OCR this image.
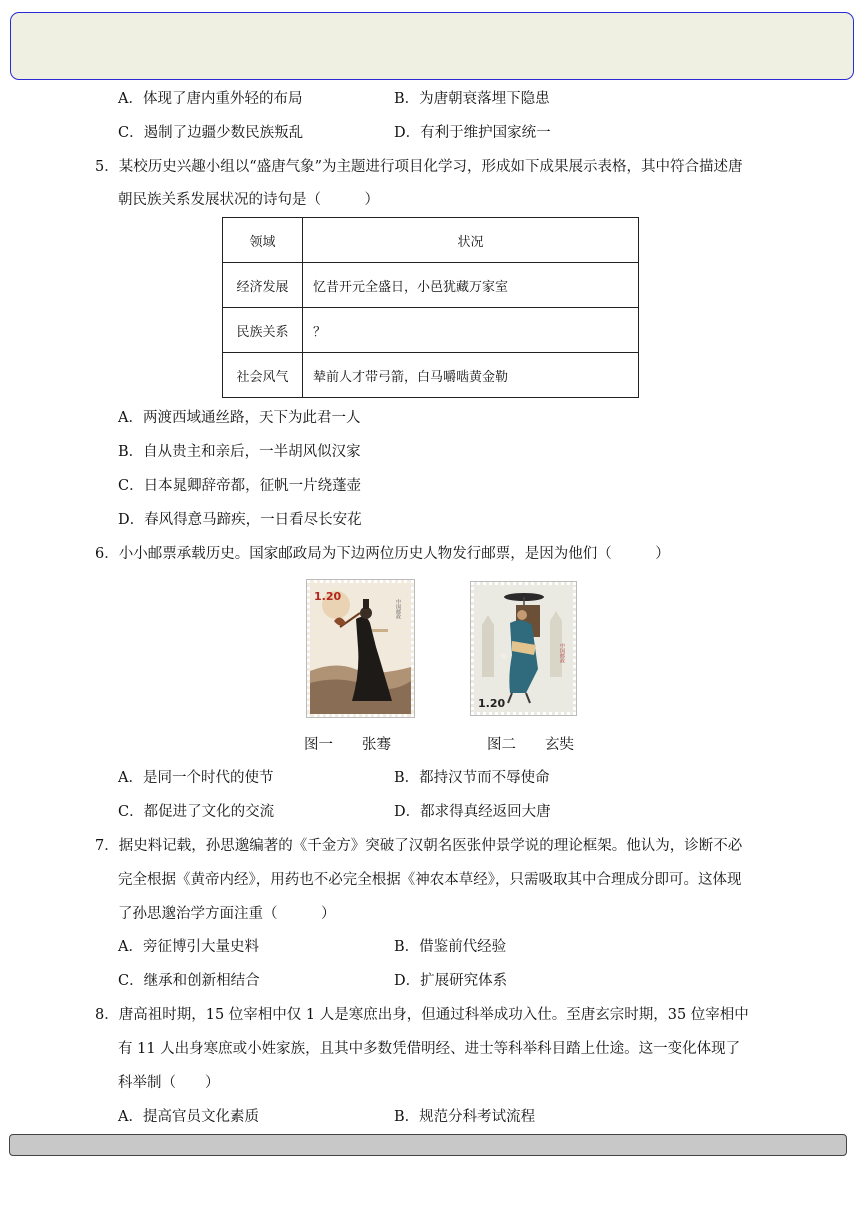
A．体现了唐内重外轻的布局	B．为唐朝衰落埋下隐患
C．遏制了边疆少数民族叛乱	D．有利于维护国家统一
5．某校历史兴趣小组以“盛唐气象”为主题进行项目化学习，形成如下成果展示表格，其中符合描述唐
朝民族关系发展状况的诗句是（　　　）
领域	状况
经济发展	忆昔开元全盛日，小邑犹藏万家室
民族关系	？
社会风气	辇前人才带弓箭，白马嚼啮黄金勒
A．两渡西域通丝路，天下为此君一人
B．自从贵主和亲后，一半胡风似汉家
C．日本晁卿辞帝都，征帆一片绕蓬壶
D．春风得意马蹄疾，一日看尽长安花
6．小小邮票承载历史。国家邮政局为下边两位历史人物发行邮票，是因为他们（　　　）
1.20
中国邮政
1.20
中国邮政
图一　　张骞	图二　　玄奘
A．是同一个时代的使节	B．都持汉节而不辱使命
C．都促进了文化的交流	D．都求得真经返回大唐
7．据史料记载，孙思邈编著的《千金方》突破了汉朝名医张仲景学说的理论框架。他认为，诊断不必
完全根据《黄帝内经》，用药也不必完全根据《神农本草经》，只需吸取其中合理成分即可。这体现
了孙思邈治学方面注重（　　　）
A．旁征博引大量史料	B．借鉴前代经验
C．继承和创新相结合	D．扩展研究体系
8．唐高祖时期，15 位宰相中仅 1 人是寒庶出身，但通过科举成功入仕。至唐玄宗时期，35 位宰相中
有 11 人出身寒庶或小姓家族，且其中多数凭借明经、进士等科举科目踏上仕途。这一变化体现了
科举制（　　）
A．提高官员文化素质	B．规范分科考试流程
